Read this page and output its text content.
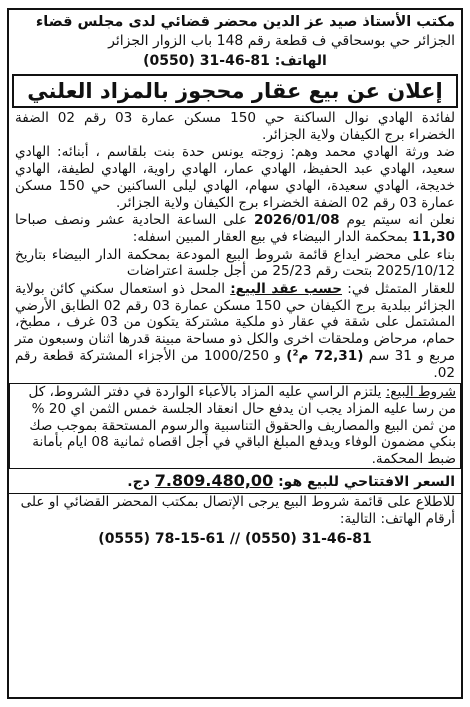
مكتب الأستاذ صيد عز الدين محضر قضائي لدى مجلس قضاء
الجزائر حي بوسحاقي ف قطعة رقم 148 باب الزوار الجزائر
الهاتف: 81-46-31 (0550)
إعلان عن بيع عقار محجوز بالمزاد العلني

لفائدة الهادي نوال الساكنة حي 150 مسكن عمارة 03 رقم 02 الضفة الخضراء برج الكيفان ولاية الجزائر.

ضد ورثة الهادي محمد وهم: زوجته يونس حدة بنت بلقاسم ، أبنائه: الهادي سعيد، الهادي عبد الحفيظ، الهادي عمار، الهادي راوية، الهادي لطيفة، الهادي خديجة، الهادي سعيدة، الهادي سهام، الهادي ليلى الساكنين حي 150 مسكن عمارة 03 رقم 02 الضفة الخضراء برج الكيفان ولاية الجزائر.

نعلن انه سيتم يوم 2026/01/08 على الساعة الحادية عشر ونصف صباحا 11,30 بمحكمة الدار البيضاء في بيع العقار المبين اسفله:

بناء على محضر ايداع قائمة شروط البيع المودعة بمحكمة الدار البيضاء بتاريخ 2025/10/12 بتحت رقم 25/23 من أجل جلسة اعتراضات

للعقار المتمثل في: حسب عقد البيع: المحل ذو استعمال سكني كائن بولاية الجزائر ببلدية برج الكيفان حي 150 مسكن عمارة 03 رقم 02 الطابق الأرضي المشتمل على شقة في عقار ذو ملكية مشتركة يتكون من 03 غرف ، مطبخ، حمام، مرحاض وملحقات اخرى والكل ذو مساحة مبينة قدرها اثنان وسبعون متر مربع و 31 سم (72,31 م²) و 1000/250 من الأجزاء المشتركة قطعة رقم 02.

شروط البيع: يلتزم الراسي عليه المزاد بالأعباء الواردة في دفتر الشروط، كل من رسا عليه المزاد يجب ان يدفع حال انعقاد الجلسة خمس الثمن اي 20 % من ثمن البيع والمصاريف والحقوق التناسبية والرسوم المستحقة بموجب صك بنكي مضمون الوفاء ويدفع المبلغ الباقي في أجل اقصاه ثمانية 08 ايام بأمانة ضبط المحكمة.
السعر الافتتاحي للبيع هو: 7.809.480,00 دج.
للاطلاع على قائمة شروط البيع يرجى الإتصال بمكتب المحضر القضائي او على أرقام الهاتف: التالية:
(0555) 78-15-61 // (0550) 31-46-81
